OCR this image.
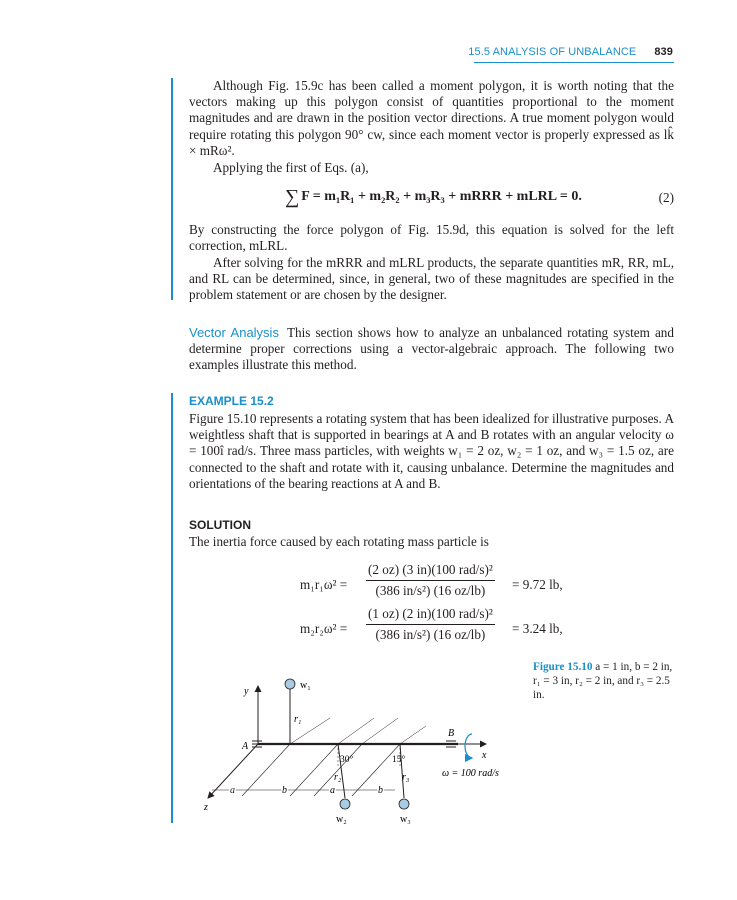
15.5 ANALYSIS OF UNBALANCE 839

Although Fig. 15.9c has been called a moment polygon, it is worth noting that the vectors making up this polygon consist of quantities proportional to the moment magnitudes and are drawn in the position vector directions. A true moment polygon would require rotating this polygon 90° cw, since each moment vector is properly expressed as lk̂ × mRω².

Applying the first of Eqs. (a),

∑ F = m₁R₁ + m₂R₂ + m₃R₃ + mRRR + mLRL = 0.	(2)

By constructing the force polygon of Fig. 15.9d, this equation is solved for the left correction, mLRL.

After solving for the mRRR and mLRL products, the separate quantities mR, RR, mL, and RL can be determined, since, in general, two of these magnitudes are specified in the problem statement or are chosen by the designer.

Vector Analysis This section shows how to analyze an unbalanced rotating system and determine proper corrections using a vector-algebraic approach. The following two examples illustrate this method.

EXAMPLE 15.2

Figure 15.10 represents a rotating system that has been idealized for illustrative purposes. A weightless shaft that is supported in bearings at A and B rotates with an angular velocity ω = 100î rad/s. Three mass particles, with weights w₁ = 2 oz, w₂ = 1 oz, and w₃ = 1.5 oz, are connected to the shaft and rotate with it, causing unbalance. Determine the magnitudes and orientations of the bearing reactions at A and B.

SOLUTION

The inertia force caused by each rotating mass particle is

m₁r₁ω² =
(2 oz) (3 in)(100 rad/s)²
(386 in/s²) (16 oz/lb)	= 9.72 lb,
m₂r₂ω² =
(1 oz) (2 in)(100 rad/s)²
(386 in/s²) (16 oz/lb)	= 3.24 lb,
Figure 15.10 a = 1 in, b = 2 in, r₁ = 3 in, r₂ = 2 in, and r₃ = 2.5 in.
y
z
x
A
B
w₁
r₁
w₂
r₂
w₃
r₃
30°	15°
a	b	a	b
ω = 100 rad/s
